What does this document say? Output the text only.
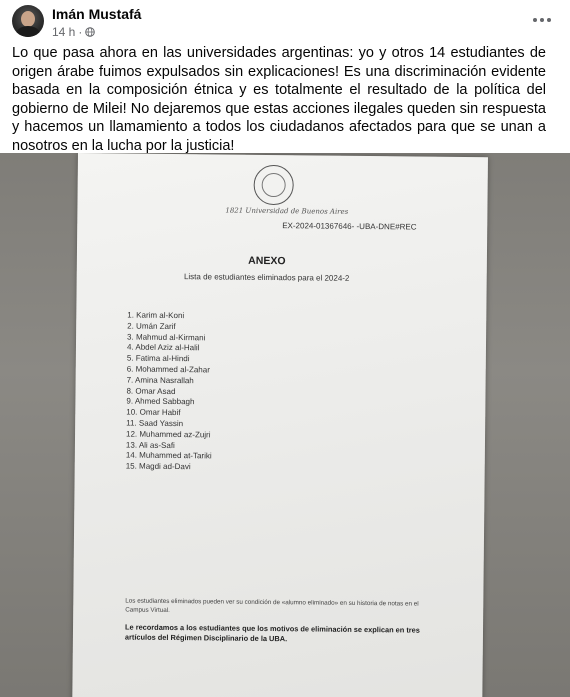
Imán Mustafá
14 h ·

Lo que pasa ahora en las universidades argentinas: yo y otros 14 estudiantes de origen árabe fuimos expulsados sin explicaciones! Es una discriminación evidente basada en la composición étnica y es totalmente el resultado de la política del gobierno de Milei! No dejaremos que estas acciones ilegales queden sin respuesta y hacemos un llamamiento a todos los ciudadanos afectados para que se unan a nosotros en la lucha por la justicia!

1821 Universidad de Buenos Aires
EX-2024-01367646- -UBA-DNE#REC
ANEXO
Lista de estudiantes eliminados para el 2024-2
1. Karim al-Koni
2. Umán Zarif
3. Mahmud al-Kirmani
4. Abdel Aziz al-Halil
5. Fatima al-Hindi
6. Mohammed al-Zahar
7. Amina Nasrallah
8. Omar Asad
9. Ahmed Sabbagh
10. Omar Habif
11. Saad Yassin
12. Muhammed az-Zujri
13. Ali as-Safi
14. Muhammed at-Tariki
15. Magdi ad-Davi
Los estudiantes eliminados pueden ver su condición de «alumno eliminado» en su historia de notas en el Campus Virtual.
Le recordamos a los estudiantes que los motivos de eliminación se explican en tres artículos del Régimen Disciplinario de la UBA.
